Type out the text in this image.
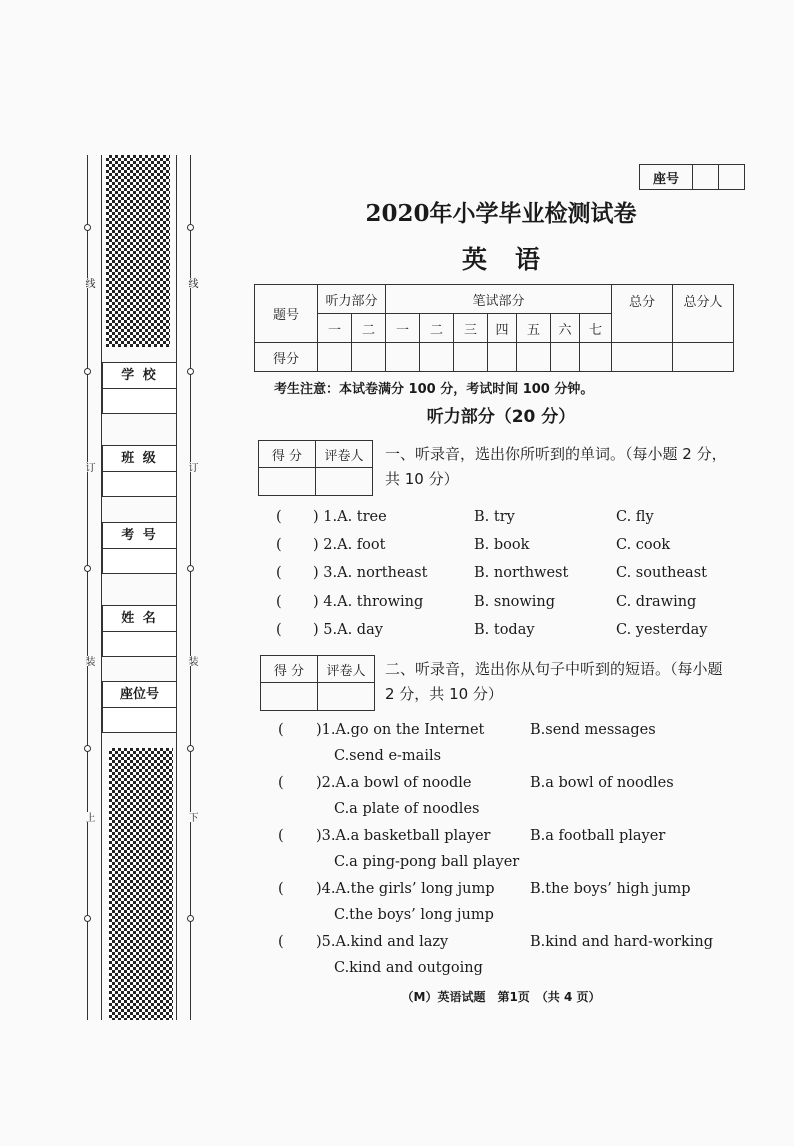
线	线
订	订
装	装
上	下
学 校
班 级
考 号
姓 名
座位号
座号		
2020年小学毕业检测试卷
英语
题号	听力部分		笔试部分							总分	总分人
	一	二	一	二	三	四	五	六	七		
得分											
考生注意：本试卷满分 100 分，考试时间 100 分钟。
听力部分（20 分）
得 分	评卷人
	一、听录音，选出你所听到的单词。（每小题 2 分，
共 10 分）
( ) 1.A. tree	B. try	C. fly
( ) 2.A. foot	B. book	C. cook
( ) 3.A. northeast	B. northwest	C. southeast
( ) 4.A. throwing	B. snowing	C. drawing
( ) 5.A. day	B. today	C. yesterday
得 分	评卷人
	二、听录音，选出你从句子中听到的短语。（每小题
2 分，共 10 分）
( )1.A.go on the Internet	B.send messages
C.send e-mails
( )2.A.a bowl of noodle	B.a bowl of noodles
C.a plate of noodles
( )3.A.a basketball player	B.a football player
C.a ping-pong ball player
( )4.A.the girls’ long jump B.the boys’ high jump
C.the boys’ long jump
( )5.A.kind and lazy	B.kind and hard-working
C.kind and outgoing
（M）英语试题　第1页　（共 4 页）
